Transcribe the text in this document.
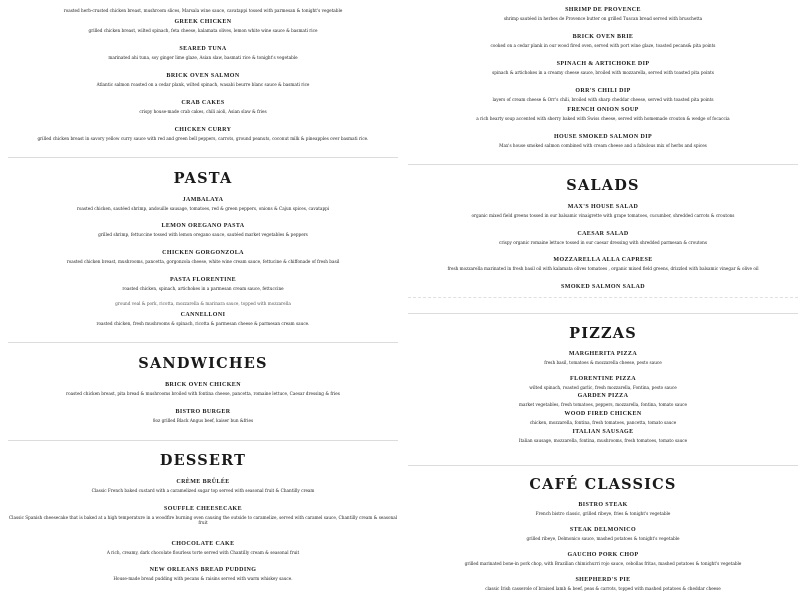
roasted herb-crusted chicken breast, mushroom slices, Marsala wine sauce, cavatappi tossed with parmesan & tonight's vegetable
GREEK CHICKEN
grilled chicken breast, wilted spinach, feta cheese, kalamata olives, lemon white wine sauce & basmati rice
SEARED TUNA
marinated ahi tuna, soy ginger lime glaze, Asian slaw, basmati rice & tonight's vegetable
BRICK OVEN SALMON
Atlantic salmon roasted on a cedar plank, wilted spinach, wasabi beurre blanc sauce & basmati rice
CRAB CAKES
crispy house-made crab cakes, chili aioli, Asian slaw & fries
CHICKEN CURRY
grilled chicken breast in savory yellow curry sauce with red and green bell peppers, carrots, ground peanuts, coconut milk & pineapples over basmati rice.
PASTA
JAMBALAYA
roasted chicken, sautéed shrimp, andouille sausage, tomatoes, red & green peppers, onions & Cajun spices, cavatappi
LEMON OREGANO PASTA
grilled shrimp, fettuccine tossed with lemon oregano sauce, sautéed market vegetables & peppers
CHICKEN GORGONZOLA
roasted chicken breast, mushrooms, pancetta, gorgonzola cheese, white wine cream sauce, fettucine & chiffonade of fresh basil
PASTA FLORENTINE
roasted chicken, spinach, artichokes in a parmesan cream sauce, fettuccine
ground veal & pork, ricotta, mozzarella & marinara sauce, topped with mozzarella
CANNELLONI
roasted chicken, fresh mushrooms & spinach, ricotta & parmesan cheese & parmesan cream sauce.
SANDWICHES
BRICK OVEN CHICKEN
roasted chicken breast, pita bread & mushrooms broiled with fontina cheese, pancetta, romaine lettuce, Caesar dressing & fries
BISTRO BURGER
8oz grilled Black Angus beef, kaiser bun &fries
DESSERT
CRÈME BRÛLÉE
Classic French baked custard with a caramelized sugar top served with seasonal fruit & Chantilly cream
SOUFFLE CHEESECAKE
Classic Spanish cheesecake that is baked at a high temperature in a woodfire burning oven causing the outside to caramelize, served with caramel sauce, Chantilly cream & seasonal fruit
CHOCOLATE CAKE
A rich, creamy, dark chocolate flourless torte served with Chantilly cream & seasonal fruit
NEW ORLEANS BREAD PUDDING
House-made bread pudding with pecans & raisins served with warm whiskey sauce.
SHRIMP DE PROVENCE
shrimp sautéed in herbes de Provence butter on grilled Tuscan bread served with bruschetta
BRICK OVEN BRIE
cooked on a cedar plank in our wood fired oven, served with port wine glaze, toasted pecans& pita points
SPINACH & ARTICHOKE DIP
spinach & artichokes in a creamy cheese sauce, broiled with mozzarella, served with toasted pita points
ORR'S CHILI DIP
layers of cream cheese & Orr's chili, broiled with sharp cheddar cheese, served with toasted pita points
FRENCH ONION SOUP
a rich hearty soup accented with sherry baked with Swiss cheese, served with homemade crouton & wedge of focaccia
HOUSE SMOKED SALMON DIP
Max's house smoked salmon combined with cream cheese and a fabulous mix of herbs and spices
SALADS
MAX'S HOUSE SALAD
organic mixed field greens tossed in our balsamic vinaigrette with grape tomatoes, cucumber, shredded carrots & croutons
CAESAR SALAD
crispy organic romaine lettuce tossed in our caesar dressing with shredded parmesan & croutons
MOZZARELLA ALLA CAPRESE
fresh mozzarella marinated in fresh basil oil with kalamata olives tomatoes , organic mixed field greens, drizzled with balsamic vinegar & olive oil
SMOKED SALMON SALAD
PIZZAS
MARGHERITA PIZZA
fresh basil, tomatoes & mozzarella cheese, pesto sauce
FLORENTINE PIZZA
wilted spinach, roasted garlic, fresh mozzarella, Fontina, pesto sauce
GARDEN PIZZA
market vegetables, fresh tomatoes, peppers, mozzarella, fontina, tomato sauce
WOOD FIRED CHICKEN
chicken, mozzarella, fontina, fresh tomatoes, pancetta, tomato sauce
ITALIAN SAUSAGE
Italian sausage, mozzarella, fontina, mushrooms, fresh tomatoes, tomato sauce
CAFÉ CLASSICS
BISTRO STEAK
French bistro classic, grilled ribeye, fries & tonight's vegetable
STEAK DELMONICO
grilled ribeye, Delmonico sauce, mashed potatoes & tonight's vegetable
GAUCHO PORK CHOP
grilled marinated bone-in pork chop, with Brazilian chimichurri rojo sauce, cebollas fritas, mashed potatoes & tonight's vegetable
SHEPHERD'S PIE
classic Irish casserole of braised lamb & beef, peas & carrots, topped with mashed potatoes & cheddar cheese
